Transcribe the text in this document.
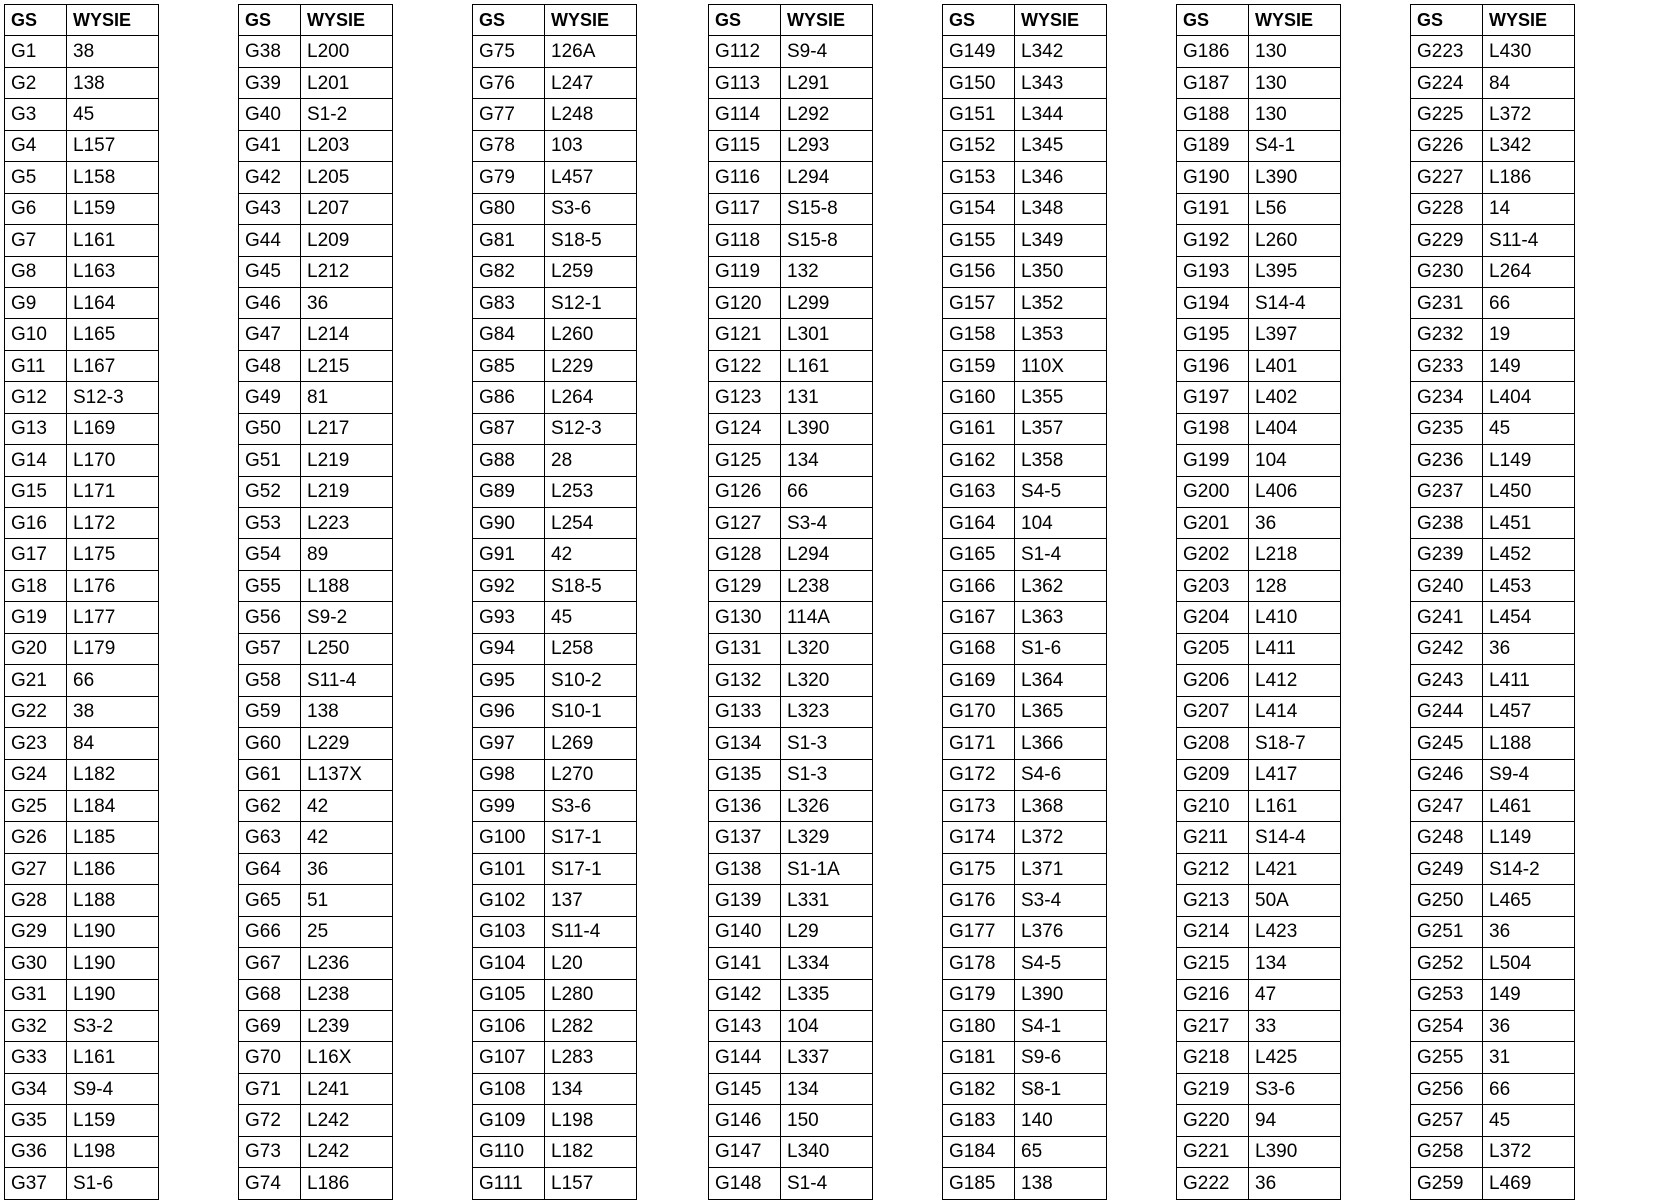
GS	WYSIE
G1	38
G2	138
G3	45
G4	L157
G5	L158
G6	L159
G7	L161
G8	L163
G9	L164
G10	L165
G11	L167
G12	S12-3
G13	L169
G14	L170
G15	L171
G16	L172
G17	L175
G18	L176
G19	L177
G20	L179
G21	66
G22	38
G23	84
G24	L182
G25	L184
G26	L185
G27	L186
G28	L188
G29	L190
G30	L190
G31	L190
G32	S3-2
G33	L161
G34	S9-4
G35	L159
G36	L198
G37	S1-6
GS	WYSIE
G38	L200
G39	L201
G40	S1-2
G41	L203
G42	L205
G43	L207
G44	L209
G45	L212
G46	36
G47	L214
G48	L215
G49	81
G50	L217
G51	L219
G52	L219
G53	L223
G54	89
G55	L188
G56	S9-2
G57	L250
G58	S11-4
G59	138
G60	L229
G61	L137X
G62	42
G63	42
G64	36
G65	51
G66	25
G67	L236
G68	L238
G69	L239
G70	L16X
G71	L241
G72	L242
G73	L242
G74	L186
GS	WYSIE
G75	126A
G76	L247
G77	L248
G78	103
G79	L457
G80	S3-6
G81	S18-5
G82	L259
G83	S12-1
G84	L260
G85	L229
G86	L264
G87	S12-3
G88	28
G89	L253
G90	L254
G91	42
G92	S18-5
G93	45
G94	L258
G95	S10-2
G96	S10-1
G97	L269
G98	L270
G99	S3-6
G100	S17-1
G101	S17-1
G102	137
G103	S11-4
G104	L20
G105	L280
G106	L282
G107	L283
G108	134
G109	L198
G110	L182
G111	L157
GS	WYSIE
G112	S9-4
G113	L291
G114	L292
G115	L293
G116	L294
G117	S15-8
G118	S15-8
G119	132
G120	L299
G121	L301
G122	L161
G123	131
G124	L390
G125	134
G126	66
G127	S3-4
G128	L294
G129	L238
G130	114A
G131	L320
G132	L320
G133	L323
G134	S1-3
G135	S1-3
G136	L326
G137	L329
G138	S1-1A
G139	L331
G140	L29
G141	L334
G142	L335
G143	104
G144	L337
G145	134
G146	150
G147	L340
G148	S1-4
GS	WYSIE
G149	L342
G150	L343
G151	L344
G152	L345
G153	L346
G154	L348
G155	L349
G156	L350
G157	L352
G158	L353
G159	110X
G160	L355
G161	L357
G162	L358
G163	S4-5
G164	104
G165	S1-4
G166	L362
G167	L363
G168	S1-6
G169	L364
G170	L365
G171	L366
G172	S4-6
G173	L368
G174	L372
G175	L371
G176	S3-4
G177	L376
G178	S4-5
G179	L390
G180	S4-1
G181	S9-6
G182	S8-1
G183	140
G184	65
G185	138
GS	WYSIE
G186	130
G187	130
G188	130
G189	S4-1
G190	L390
G191	L56
G192	L260
G193	L395
G194	S14-4
G195	L397
G196	L401
G197	L402
G198	L404
G199	104
G200	L406
G201	36
G202	L218
G203	128
G204	L410
G205	L411
G206	L412
G207	L414
G208	S18-7
G209	L417
G210	L161
G211	S14-4
G212	L421
G213	50A
G214	L423
G215	134
G216	47
G217	33
G218	L425
G219	S3-6
G220	94
G221	L390
G222	36
GS	WYSIE
G223	L430
G224	84
G225	L372
G226	L342
G227	L186
G228	14
G229	S11-4
G230	L264
G231	66
G232	19
G233	149
G234	L404
G235	45
G236	L149
G237	L450
G238	L451
G239	L452
G240	L453
G241	L454
G242	36
G243	L411
G244	L457
G245	L188
G246	S9-4
G247	L461
G248	L149
G249	S14-2
G250	L465
G251	36
G252	L504
G253	149
G254	36
G255	31
G256	66
G257	45
G258	L372
G259	L469
